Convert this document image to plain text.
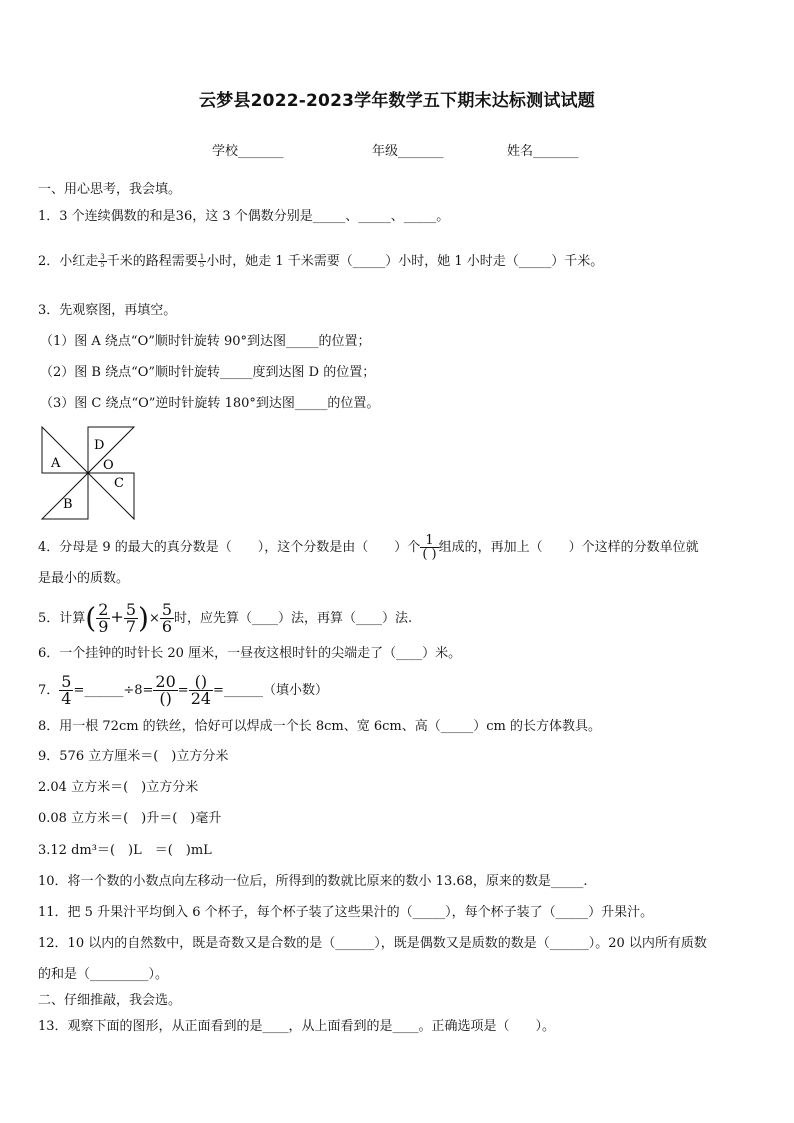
云梦县2022-2023学年数学五下期末达标测试试题
学校_______	年级_______	姓名_______
一、用心思考，我会填。
1．3 个连续偶数的和是36，这 3 个偶数分别是_____、_____、_____。
2．小红走 $\frac{3}{5}$ 千米的路程需要 $\frac{1}{5}$ 小时，她走 1 千米需要（_____）小时，她 1 小时走（_____）千米。
3．先观察图，再填空。
（1）图 A 绕点“O”顺时针旋转 90°到达图_____的位置；
（2）图 B 绕点“O”顺时针旋转_____度到达图 D 的位置；
（3）图 C 绕点“O”逆时针旋转 180°到达图_____的位置。
A
D
C
B
O
4．分母是 9 的最大的真分数是（　　），这个分数是由（　　）个 $\frac{1}{( )}$ 组成的，再加上（　　）个这样的分数单位就
是最小的质数。
5．计算( $\frac{2}{9} + \frac{5}{7}$ )× $\frac{5}{6}$ 时，应先算（____）法，再算（____）法.
6．一个挂钟的时针长 20 厘米，一昼夜这根时针的尖端走了（____）米。
7． $\frac{5}{4}$ =______÷8= $\frac{20}{()} = \frac{()}{24}$ =______（填小数）
8．用一根 72cm 的铁丝，恰好可以焊成一个长 8cm、宽 6cm、高（_____）cm 的长方体教具。
9．576 立方厘米＝(　)立方分米
2.04 立方米＝(　)立方分米
0.08 立方米＝(　)升＝(　)毫升
3.12 dm³＝(　)L　＝(　)mL
10．将一个数的小数点向左移动一位后，所得到的数就比原来的数小 13.68，原来的数是_____.
11．把 5 升果汁平均倒入 6 个杯子，每个杯子装了这些果汁的（_____），每个杯子装了（_____）升果汁。
12．10 以内的自然数中，既是奇数又是合数的是（______），既是偶数又是质数的数是（______）。20 以内所有质数
的和是（_________）。
二、仔细推敲，我会选。
13．观察下面的图形，从正面看到的是____，从上面看到的是____。正确选项是（　　）。
